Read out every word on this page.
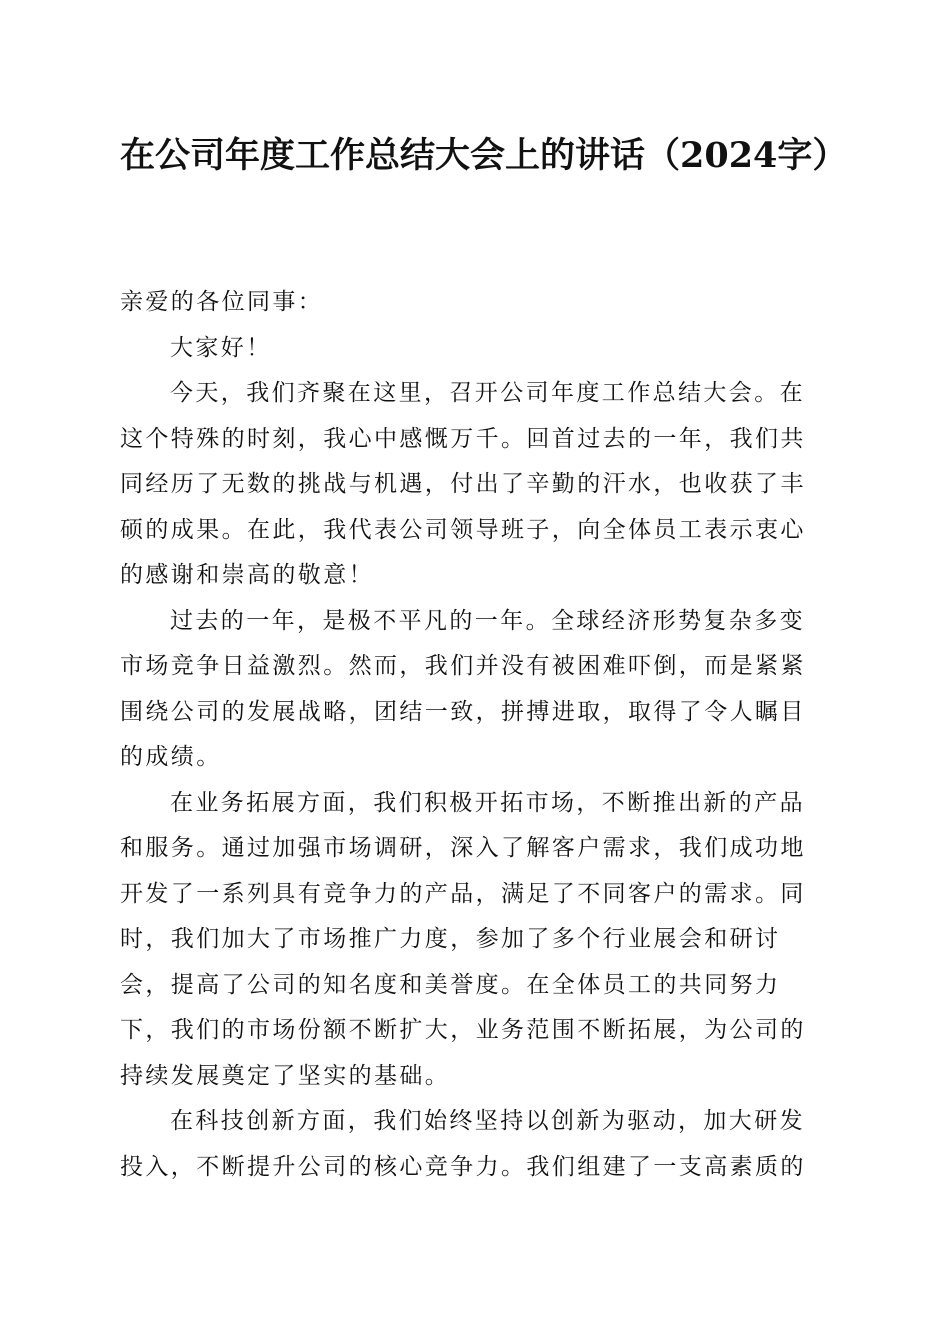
在公司年度工作总结大会上的讲话（2024字）

亲爱的各位同事：

大家好！

今天，我们齐聚在这里，召开公司年度工作总结大会。在这个特殊的时刻，我心中感慨万千。回首过去的一年，我们共同经历了无数的挑战与机遇，付出了辛勤的汗水，也收获了丰硕的成果。在此，我代表公司领导班子，向全体员工表示衷心的感谢和崇高的敬意！

过去的一年，是极不平凡的一年。全球经济形势复杂多变市场竞争日益激烈。然而，我们并没有被困难吓倒，而是紧紧围绕公司的发展战略，团结一致，拼搏进取，取得了令人瞩目的成绩。

在业务拓展方面，我们积极开拓市场，不断推出新的产品和服务。通过加强市场调研，深入了解客户需求，我们成功地开发了一系列具有竞争力的产品，满足了不同客户的需求。同时，我们加大了市场推广力度，参加了多个行业展会和研讨会，提高了公司的知名度和美誉度。在全体员工的共同努力下，我们的市场份额不断扩大，业务范围不断拓展，为公司的持续发展奠定了坚实的基础。

在科技创新方面，我们始终坚持以创新为驱动，加大研发投入，不断提升公司的核心竞争力。我们组建了一支高素质的
